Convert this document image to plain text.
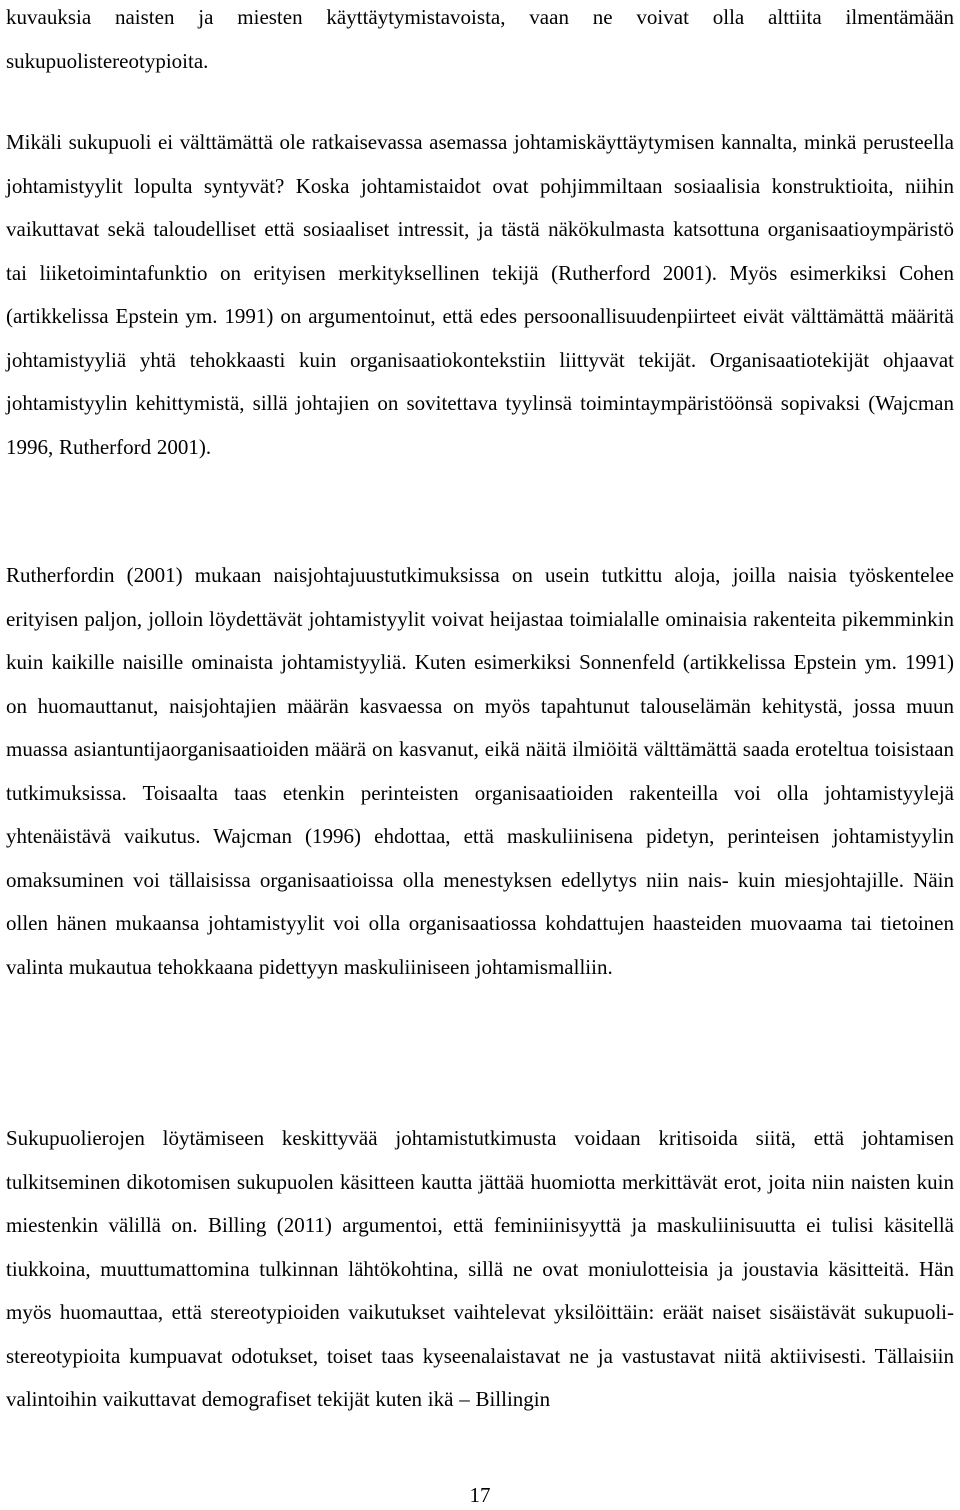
kuvauksia naisten ja miesten käyttäytymistavoista, vaan ne voivat olla alttiita ilmentämään sukupuolistereotypioita.

Mikäli sukupuoli ei välttämättä ole ratkaisevassa asemassa johtamiskäyttäytymisen kannalta, minkä perusteella johtamistyylit lopulta syntyvät? Koska johtamistaidot ovat pohjimmiltaan sosiaalisia konstruktioita, niihin vaikuttavat sekä taloudelliset että sosiaaliset intressit, ja tästä näkökulmasta katsottuna organisaatioympäristö tai liiketoimintafunktio on erityisen merkityksellinen tekijä (Rutherford 2001). Myös esimerkiksi Cohen (artikkelissa Epstein ym. 1991) on argumentoinut, että edes persoonallisuudenpiirteet eivät välttämättä määritä johtamistyyliä yhtä tehokkaasti kuin organisaatiokontekstiin liittyvät tekijät. Organisaatiotekijät ohjaavat johtamistyylin kehittymistä, sillä johtajien on sovitettava tyylinsä toimintaympäristöönsä sopivaksi (Wajcman 1996, Rutherford 2001).

Rutherfordin (2001) mukaan naisjohtajuustutkimuksissa on usein tutkittu aloja, joilla naisia työskentelee erityisen paljon, jolloin löydettävät johtamistyylit voivat heijastaa toimialalle ominaisia rakenteita pikemminkin kuin kaikille naisille ominaista johtamistyyliä. Kuten esimerkiksi Sonnenfeld (artikkelissa Epstein ym. 1991) on huomauttanut, naisjohtajien määrän kasvaessa on myös tapahtunut talouselämän kehitystä, jossa muun muassa asiantuntijaorganisaatioiden määrä on kasvanut, eikä näitä ilmiöitä välttämättä saada eroteltua toisistaan tutkimuksissa. Toisaalta taas etenkin perinteisten organisaatioiden rakenteilla voi olla johtamistyylejä yhtenäistävä vaikutus. Wajcman (1996) ehdottaa, että maskuliinisena pidetyn, perinteisen johtamistyylin omaksuminen voi tällaisissa organisaatioissa olla menestyksen edellytys niin nais- kuin miesjohtajille. Näin ollen hänen mukaansa johtamistyylit voi olla organisaatiossa kohdattujen haasteiden muovaama tai tietoinen valinta mukautua tehokkaana pidettyyn maskuliiniseen johtamismalliin.

Sukupuolierojen löytämiseen keskittyvää johtamistutkimusta voidaan kritisoida siitä, että johtamisen tulkitseminen dikotomisen sukupuolen käsitteen kautta jättää huomiotta merkittävät erot, joita niin naisten kuin miestenkin välillä on. Billing (2011) argumentoi, että feminiinisyyttä ja maskuliinisuutta ei tulisi käsitellä tiukkoina, muuttumattomina tulkinnan lähtökohtina, sillä ne ovat moniulotteisia ja joustavia käsitteitä. Hän myös huomauttaa, että stereotypioiden vaikutukset vaihtelevat yksilöittäin: eräät naiset sisäistävät sukupuoli-stereotypioita kumpuavat odotukset, toiset taas kyseenalaistavat ne ja vastustavat niitä aktiivisesti. Tällaisiin valintoihin vaikuttavat demografiset tekijät kuten ikä – Billingin

17
